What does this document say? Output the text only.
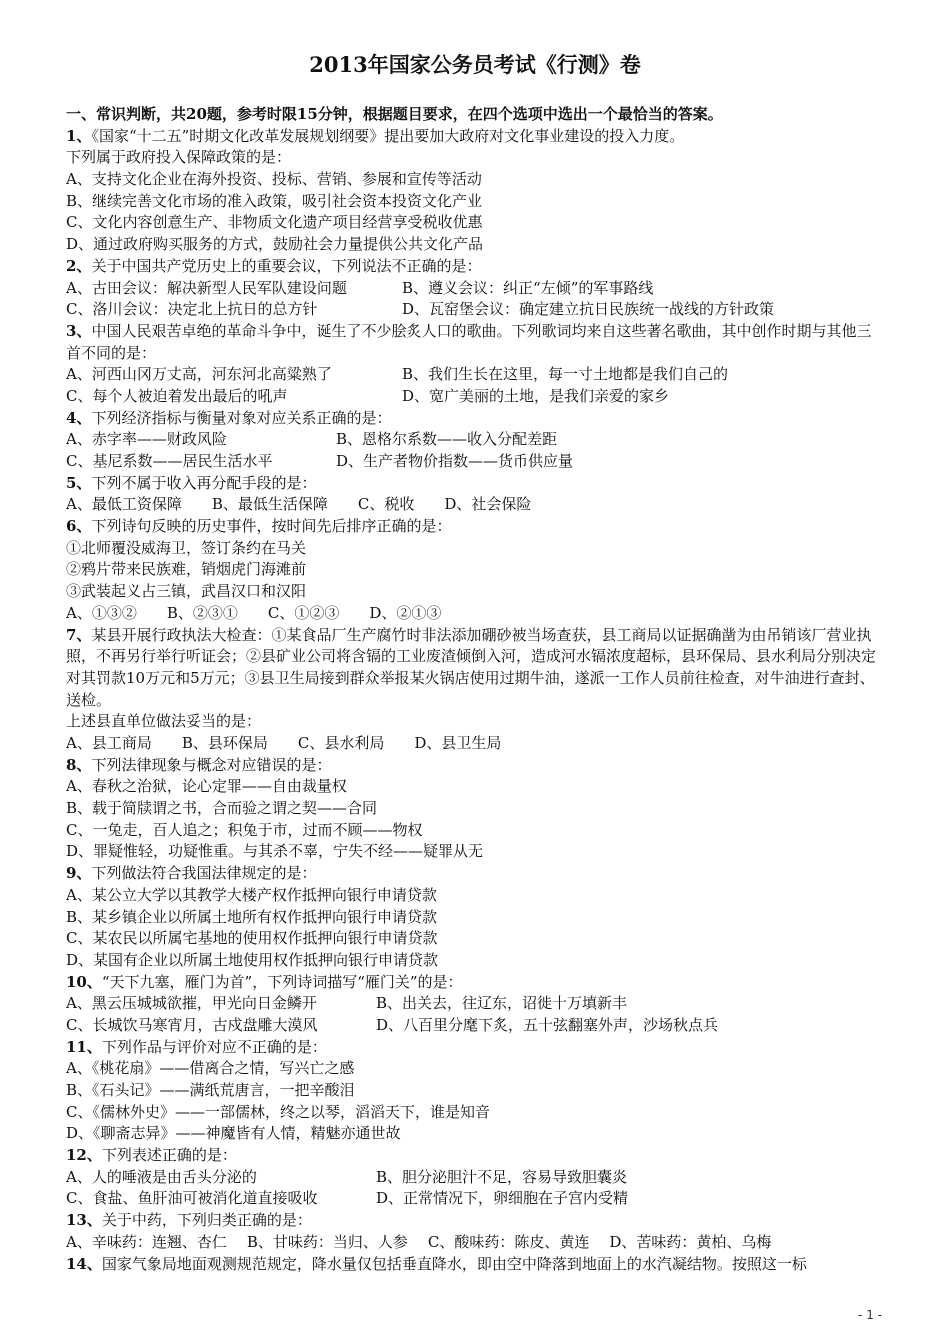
2013年国家公务员考试《行测》卷
一、常识判断，共20题，参考时限15分钟，根据题目要求，在四个选项中选出一个最恰当的答案。
1、《国家“十二五”时期文化改革发展规划纲要》提出要加大政府对文化事业建设的投入力度。
下列属于政府投入保障政策的是：
A、支持文化企业在海外投资、投标、营销、参展和宣传等活动
B、继续完善文化市场的准入政策，吸引社会资本投资文化产业
C、文化内容创意生产、非物质文化遗产项目经营享受税收优惠
D、通过政府购买服务的方式，鼓励社会力量提供公共文化产品
2、关于中国共产党历史上的重要会议，下列说法不正确的是：
A、古田会议：解决新型人民军队建设问题	B、遵义会议：纠正“左倾”的军事路线
C、洛川会议：决定北上抗日的总方针	D、瓦窑堡会议：确定建立抗日民族统一战线的方针政策
3、中国人民艰苦卓绝的革命斗争中，诞生了不少脍炙人口的歌曲。下列歌词均来自这些著名歌曲，其中创作时期与其他三首不同的是：
A、河西山冈万丈高，河东河北高粱熟了	B、我们生长在这里，每一寸土地都是我们自己的
C、每个人被迫着发出最后的吼声	D、宽广美丽的土地，是我们亲爱的家乡
4、下列经济指标与衡量对象对应关系正确的是：
A、赤字率——财政风险	B、恩格尔系数——收入分配差距
C、基尼系数——居民生活水平	D、生产者物价指数——货币供应量
5、下列不属于收入再分配手段的是：
A、最低工资保障 B、最低生活保障 C、税收 D、社会保险
6、下列诗句反映的历史事件，按时间先后排序正确的是：
①北师覆没威海卫，签订条约在马关
②鸦片带来民族难，销烟虎门海滩前
③武装起义占三镇，武昌汉口和汉阳
A、①③② B、②③① C、①②③ D、②①③
7、某县开展行政执法大检查：①某食品厂生产腐竹时非法添加硼砂被当场查获，县工商局以证据确凿为由吊销该厂营业执照，不再另行举行听证会；②县矿业公司将含镉的工业废渣倾倒入河，造成河水镉浓度超标，县环保局、县水利局分别决定对其罚款10万元和5万元；③县卫生局接到群众举报某火锅店使用过期牛油，遂派一工作人员前往检查，对牛油进行查封、送检。
上述县直单位做法妥当的是：
A、县工商局 B、县环保局 C、县水利局 D、县卫生局
8、下列法律现象与概念对应错误的是：
A、春秋之治狱，论心定罪——自由裁量权
B、载于简牍谓之书，合而验之谓之契——合同
C、一兔走，百人追之；积兔于市，过而不顾——物权
D、罪疑惟轻，功疑惟重。与其杀不辜，宁失不经——疑罪从无
9、下列做法符合我国法律规定的是：
A、某公立大学以其教学大楼产权作抵押向银行申请贷款
B、某乡镇企业以所属土地所有权作抵押向银行申请贷款
C、某农民以所属宅基地的使用权作抵押向银行申请贷款
D、某国有企业以所属土地使用权作抵押向银行申请贷款
10、“天下九塞，雁门为首”，下列诗词描写“雁门关”的是：
A、黑云压城城欲摧，甲光向日金鳞开	B、出关去，往辽东，诏徙十万填新丰
C、长城饮马寒宵月，古戍盘雕大漠风	D、八百里分麾下炙，五十弦翻塞外声，沙场秋点兵
11、下列作品与评价对应不正确的是：
A、《桃花扇》——借离合之情，写兴亡之感
B、《石头记》——满纸荒唐言，一把辛酸泪
C、《儒林外史》——一部儒林，终之以琴，滔滔天下，谁是知音
D、《聊斋志异》——神魔皆有人情，精魅亦通世故
12、下列表述正确的是：
A、人的唾液是由舌头分泌的	B、胆分泌胆汁不足，容易导致胆囊炎
C、食盐、鱼肝油可被消化道直接吸收	D、正常情况下，卵细胞在子宫内受精
13、关于中药，下列归类正确的是：
A、辛味药：连翘、杏仁 B、甘味药：当归、人参 C、酸味药：陈皮、黄连 D、苦味药：黄柏、乌梅
14、国家气象局地面观测规范规定，降水量仅包括垂直降水，即由空中降落到地面上的水汽凝结物。按照这一标
- 1 -
